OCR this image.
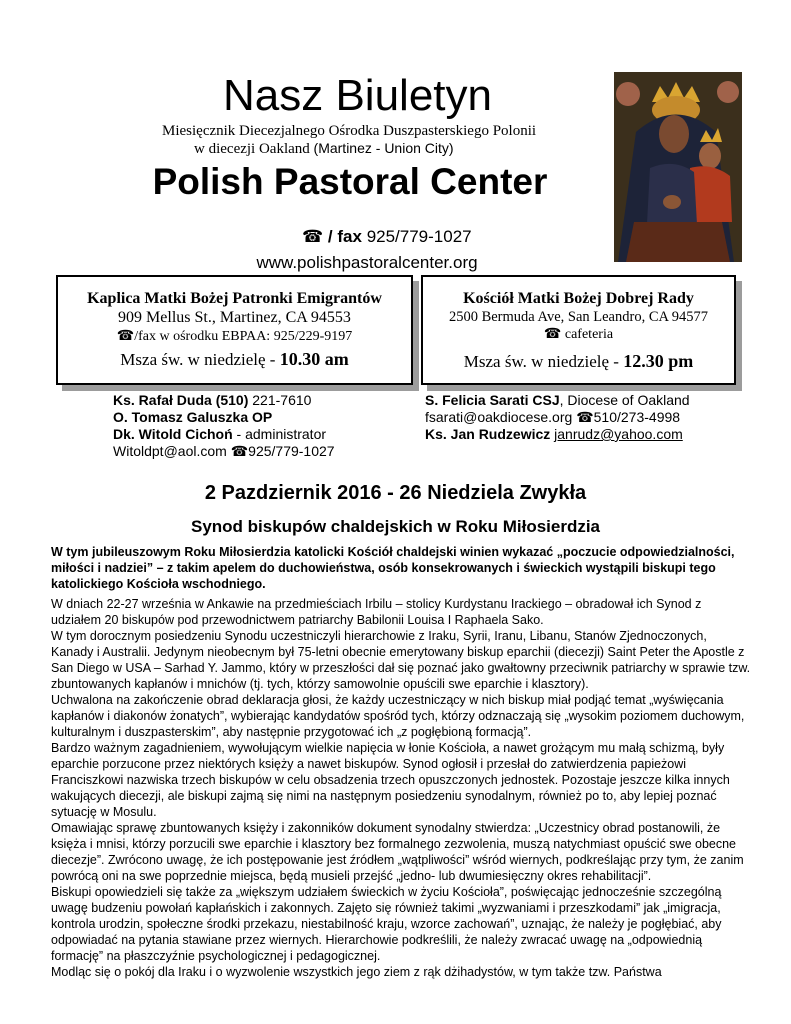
Nasz Biuletyn
Miesięcznik Diecezjalnego Ośrodka Duszpasterskiego Polonii
w diecezji Oakland (Martinez - Union City)
Polish Pastoral Center
☎ / fax 925/779-1027
www.polishpastoralcenter.org
Kaplica Matki Bożej Patronki Emigrantów
909 Mellus St., Martinez, CA 94553
☎/fax w ośrodku EBPAA: 925/229-9197
Msza św. w niedzielę - 10.30 am
Kościół Matki Bożej Dobrej Rady
2500 Bermuda Ave, San Leandro, CA 94577
☎ cafeteria
Msza św. w niedzielę - 12.30 pm
Ks. Rafał Duda (510) 221-7610
O. Tomasz Galuszka OP
Dk. Witold Cichoń - administrator
Witoldpt@aol.com ☎925/779-1027
S. Felicia Sarati CSJ, Diocese of Oakland
fsarati@oakdiocese.org ☎510/273-4998
Ks. Jan Rudzewicz janrudz@yahoo.com
2 Pazdziernik 2016 - 26 Niedziela Zwykła
Synod biskupów chaldejskich w Roku Miłosierdzia
W tym jubileuszowym Roku Miłosierdzia katolicki Kościół chaldejski winien wykazać „poczucie odpowiedzialności, miłości i nadziei” – z takim apelem do duchowieństwa, osób konsekrowanych i świeckich wystąpili biskupi tego katolickiego Kościoła wschodniego.

W dniach 22-27 września w Ankawie na przedmieściach Irbilu – stolicy Kurdystanu Irackiego – obradował ich Synod z udziałem 20 biskupów pod przewodnictwem patriarchy Babilonii Louisa I Raphaela Sako.

W tym dorocznym posiedzeniu Synodu uczestniczyli hierarchowie z Iraku, Syrii, Iranu, Libanu, Stanów Zjednoczonych, Kanady i Australii. Jedynym nieobecnym był 75-letni obecnie emerytowany biskup eparchii (diecezji) Saint Peter the Apostle z San Diego w USA – Sarhad Y. Jammo, który w przeszłości dał się poznać jako gwałtowny przeciwnik patriarchy w sprawie tzw. zbuntowanych kapłanów i mnichów (tj. tych, którzy samowolnie opuścili swe eparchie i klasztory).

Uchwalona na zakończenie obrad deklaracja głosi, że każdy uczestniczący w nich biskup miał podjąć temat „wyświęcania kapłanów i diakonów żonatych”, wybierając kandydatów spośród tych, którzy odznaczają się „wysokim poziomem duchowym, kulturalnym i duszpasterskim”, aby następnie przygotować ich „z pogłębioną formacją”.

Bardzo ważnym zagadnieniem, wywołującym wielkie napięcia w łonie Kościoła, a nawet grożącym mu małą schizmą, były eparchie porzucone przez niektórych księży a nawet biskupów. Synod ogłosił i przesłał do zatwierdzenia papieżowi Franciszkowi nazwiska trzech biskupów w celu obsadzenia trzech opuszczonych jednostek. Pozostaje jeszcze kilka innych wakujących diecezji, ale biskupi zajmą się nimi na następnym posiedzeniu synodalnym, również po to, aby lepiej poznać sytuację w Mosulu.

Omawiając sprawę zbuntowanych księży i zakonników dokument synodalny stwierdza: „Uczestnicy obrad postanowili, że księża i mnisi, którzy porzucili swe eparchie i klasztory bez formalnego zezwolenia, muszą natychmiast opuścić swe obecne diecezje”. Zwrócono uwagę, że ich postępowanie jest źródłem „wątpliwości” wśród wiernych, podkreślając przy tym, że zanim powrócą oni na swe poprzednie miejsca, będą musieli przejść „jedno- lub dwumiesięczny okres rehabilitacji”.

Biskupi opowiedzieli się także za „większym udziałem świeckich w życiu Kościoła”, poświęcając jednocześnie szczególną uwagę budzeniu powołań kapłańskich i zakonnych. Zajęto się również takimi „wyzwaniami i przeszkodami” jak „imigracja, kontrola urodzin, społeczne środki przekazu, niestabilność kraju, wzorce zachowań”, uznając, że należy je pogłębiać, aby odpowiadać na pytania stawiane przez wiernych. Hierarchowie podkreślili, że należy zwracać uwagę na „odpowiednią formację” na płaszczyźnie psychologicznej i pedagogicznej.

Modląc się o pokój dla Iraku i o wyzwolenie wszystkich jego ziem z rąk dżihadystów, w tym także tzw. Państwa
